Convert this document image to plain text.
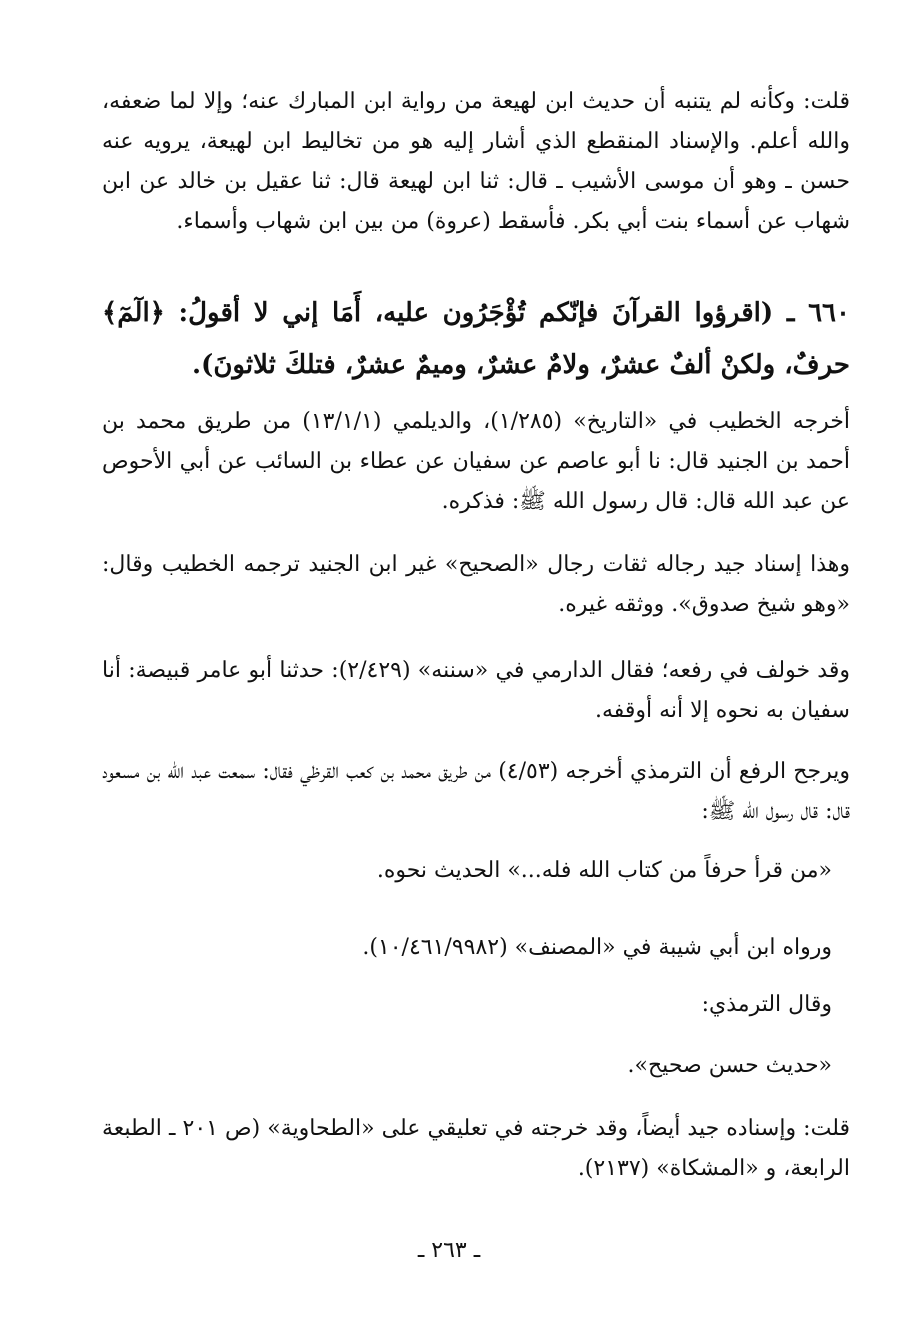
قلت: وكأنه لم يتنبه أن حديث ابن لهيعة من رواية ابن المبارك عنه؛ وإلا لما ضعفه، والله أعلم. والإسناد المنقطع الذي أشار إليه هو من تخاليط ابن لهيعة، يرويه عنه حسن ـ وهو أن موسى الأشيب ـ قال: ثنا ابن لهيعة قال: ثنا عقيل بن خالد عن ابن شهاب عن أسماء بنت أبي بكر. فأسقط (عروة) من بين ابن شهاب وأسماء.

٦٦٠ ـ (اقرؤوا القرآنَ فإنّكم تُؤْجَرُون عليه، أَمَا إني لا أقولُ: ﴿الٓمٓ﴾ حرفٌ، ولكنْ ألفٌ عشرٌ، ولامٌ عشرٌ، وميمٌ عشرٌ، فتلكَ ثلاثونَ).

أخرجه الخطيب في «التاريخ» (١/٢٨٥)، والديلمي (١٣/١/١) من طريق محمد بن أحمد بن الجنيد قال: نا أبو عاصم عن سفيان عن عطاء بن السائب عن أبي الأحوص عن عبد الله قال: قال رسول الله ﷺ: فذكره.

وهذا إسناد جيد رجاله ثقات رجال «الصحيح» غير ابن الجنيد ترجمه الخطيب وقال: «وهو شيخ صدوق». ووثقه غيره.

وقد خولف في رفعه؛ فقال الدارمي في «سننه» (٢/٤٢٩): حدثنا أبو عامر قبيصة: أنا سفيان به نحوه إلا أنه أوقفه.

ويرجح الرفع أن الترمذي أخرجه (٤/٥٣) من طريق محمد بن كعب القرظي فقال: سمعت عبد الله بن مسعود قال: قال رسول الله ﷺ:

«من قرأ حرفاً من كتاب الله فله...» الحديث نحوه.

ورواه ابن أبي شيبة في «المصنف» (١٠/٤٦١/٩٩٨٢).

وقال الترمذي:

«حديث حسن صحيح».

قلت: وإسناده جيد أيضاً، وقد خرجته في تعليقي على «الطحاوية» (ص ٢٠١ ـ الطبعة الرابعة، و «المشكاة» (٢١٣٧).

ـ ٢٦٣ ـ
